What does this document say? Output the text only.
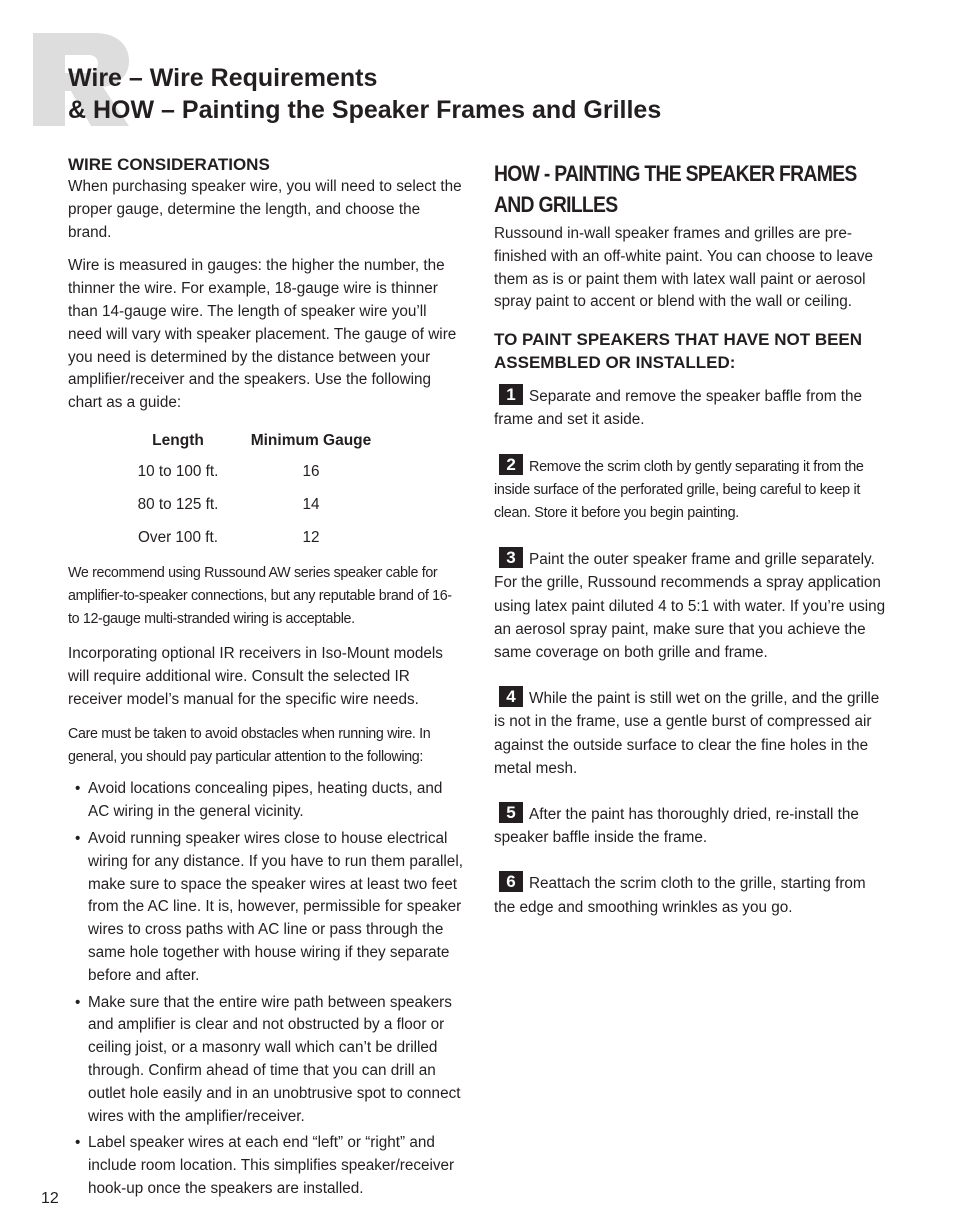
Wire – Wire Requirements
& HOW – Painting the Speaker Frames and Grilles
WIRE CONSIDERATIONS

When purchasing speaker wire, you will need to select the proper gauge, determine the length, and choose the brand.

Wire is measured in gauges: the higher the number, the thinner the wire. For example, 18-gauge wire is thinner than 14-gauge wire. The length of speaker wire you’ll need will vary with speaker placement. The gauge of wire you need is determined by the distance between your amplifier/receiver and the speakers. Use the following chart as a guide:

Length	Minimum Gauge
10 to 100 ft.	16
80 to 125 ft.	14
Over 100 ft.	12

We recommend using Russound AW series speaker cable for amplifier-to-speaker connections, but any reputable brand of 16- to 12-gauge multi-stranded wiring is acceptable.

Incorporating optional IR receivers in Iso-Mount models will require additional wire. Consult the selected IR receiver model’s manual for the specific wire needs.

Care must be taken to avoid obstacles when running wire. In general, you should pay particular attention to the following:

• Avoid locations concealing pipes, heating ducts, and AC wiring in the general vicinity.
• Avoid running speaker wires close to house electrical wiring for any distance. If you have to run them parallel, make sure to space the speaker wires at least two feet from the AC line. It is, however, permissible for speaker wires to cross paths with AC line or pass through the same hole together with house wiring if they separate before and after.
• Make sure that the entire wire path between speakers and amplifier is clear and not obstructed by a floor or ceiling joist, or a masonry wall which can’t be drilled through. Confirm ahead of time that you can drill an outlet hole easily and in an unobtrusive spot to connect wires with the amplifier/receiver.
• Label speaker wires at each end “left” or “right” and include room location. This simplifies speaker/receiver hook-up once the speakers are installed.
HOW - PAINTING THE SPEAKER FRAMES AND GRILLES

Russound in-wall speaker frames and grilles are pre-finished with an off-white paint. You can choose to leave them as is or paint them with latex wall paint or aerosol spray paint to accent or blend with the wall or ceiling.

TO PAINT SPEAKERS THAT HAVE NOT BEEN ASSEMBLED OR INSTALLED:
1 Separate and remove the speaker baffle from the frame and set it aside.
2 Remove the scrim cloth by gently separating it from the inside surface of the perforated grille, being careful to keep it clean. Store it before you begin painting.
3 Paint the outer speaker frame and grille separately. For the grille, Russound recommends a spray application using latex paint diluted 4 to 5:1 with water. If you’re using an aerosol spray paint, make sure that you achieve the same coverage on both grille and frame.
4 While the paint is still wet on the grille, and the grille is not in the frame, use a gentle burst of compressed air against the outside surface to clear the fine holes in the metal mesh.
5 After the paint has thoroughly dried, re-install the speaker baffle inside the frame.
6 Reattach the scrim cloth to the grille, starting from the edge and smoothing wrinkles as you go.
12
